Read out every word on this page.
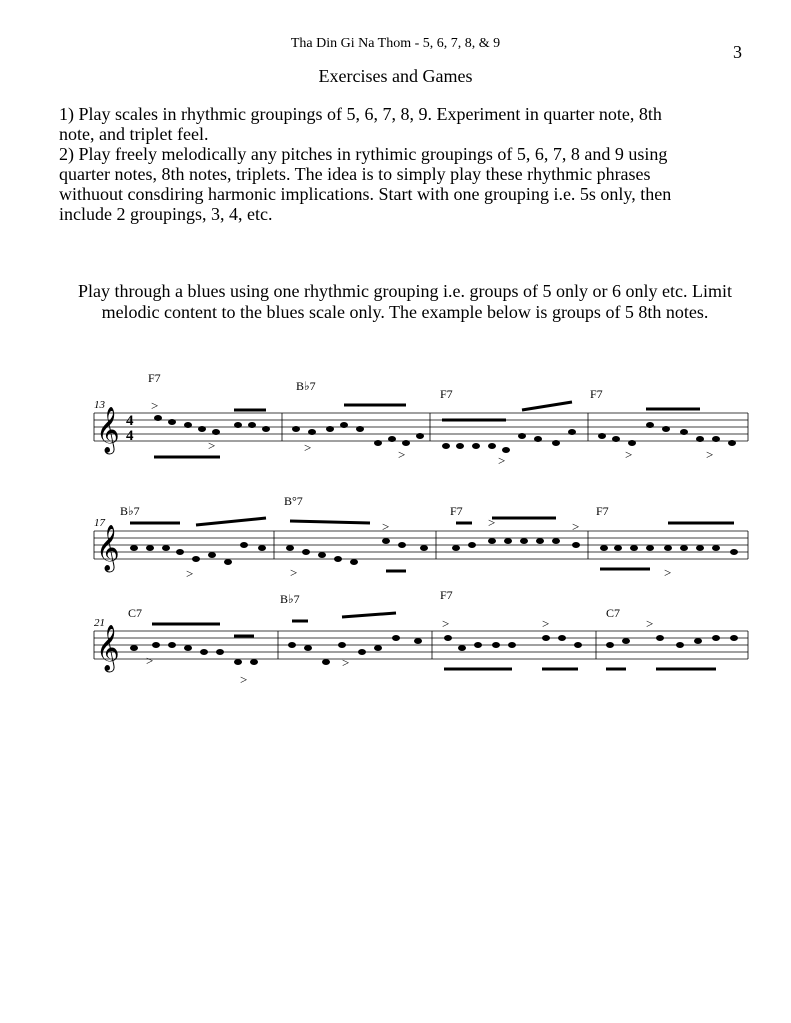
Tha Din Gi Na Thom - 5, 6, 7, 8, & 9	3
Exercises and Games

1) Play scales in rhythmic groupings of 5, 6, 7, 8, 9. Experiment in quarter note, 8th note, and triplet feel.

2) Play freely melodically any pitches in rythimic groupings of 5, 6, 7, 8 and 9 using quarter notes, 8th notes, triplets. The idea is to simply play these rhythmic phrases withuout consdiring harmonic implications. Start with one grouping i.e. 5s only, then include 2 groupings, 3, 4, etc.

Play through a blues using one rhythmic grouping i.e. groups of 5 only or 6 only etc. Limit melodic content to the blues scale only. The example below is groups of 5 8th notes.
13
F7
B♭7
F7	F7
𝄞 4
4
>
>	>	>	>	>	>
17
B♭7
B°7
F7	F7
𝄞
>	>
>	>	>
>
21
C7
B♭7	F7
C7
𝄞 >
>
>
>	>	>
